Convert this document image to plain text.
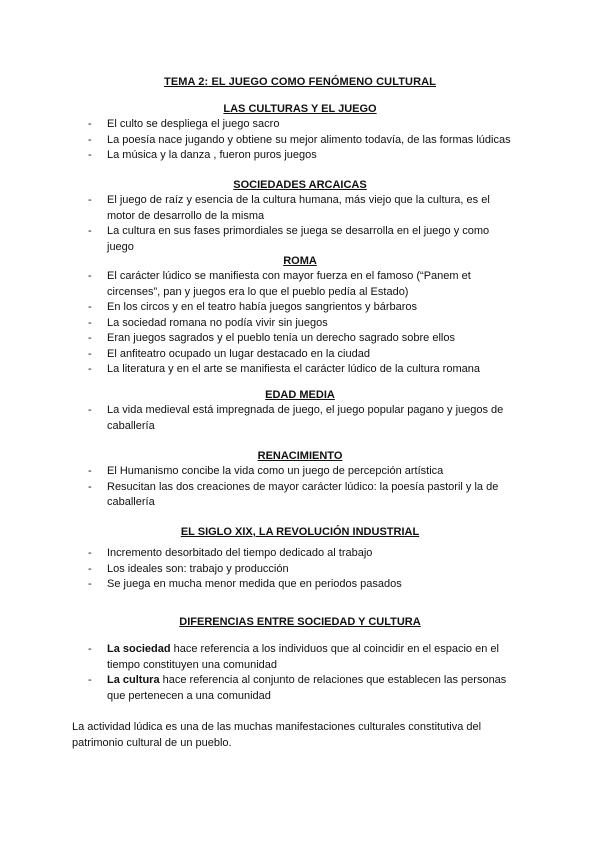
TEMA 2: EL JUEGO COMO FENÓMENO CULTURAL
LAS CULTURAS Y EL JUEGO
-	El culto se despliega el juego sacro
-	La poesía nace jugando y obtiene su mejor alimento todavía, de las formas lúdicas
-	La música y la danza , fueron puros juegos
SOCIEDADES ARCAICAS
-	El juego de raíz y esencia de la cultura humana, más viejo que la cultura, es el motor de desarrollo de la misma
-	La cultura en sus fases primordiales se juega se desarrolla en el juego y como juego
ROMA
-	El carácter lúdico se manifiesta con mayor fuerza en el famoso (“Panem et circenses”, pan y juegos era lo que el pueblo pedía al Estado)
-	En los circos y en el teatro había juegos sangrientos y bárbaros
-	La sociedad romana no podía vivir sin juegos
-	Eran juegos sagrados y el pueblo tenía un derecho sagrado sobre ellos
-	El anfiteatro ocupado un lugar destacado en la ciudad
-	La literatura y en el arte se manifiesta el carácter lúdico de la cultura romana
EDAD MEDIA
-	La vida medieval está impregnada de juego, el juego popular pagano y juegos de caballería
RENACIMIENTO
-	El Humanismo concibe la vida como un juego de percepción artística
-	Resucitan las dos creaciones de mayor carácter lúdico: la poesía pastoril y la de caballería
EL SIGLO XIX, LA REVOLUCIÓN INDUSTRIAL
-	Incremento desorbitado del tiempo dedicado al trabajo
-	Los ideales son: trabajo y producción
-	Se juega en mucha menor medida que en periodos pasados
DIFERENCIAS ENTRE SOCIEDAD Y CULTURA
-	La sociedad hace referencia a los individuos que al coincidir en el espacio en el tiempo constituyen una comunidad
-	La cultura hace referencia al conjunto de relaciones que establecen las personas que pertenecen a una comunidad
La actividad lúdica es una de las muchas manifestaciones culturales constitutiva del patrimonio cultural de un pueblo.
